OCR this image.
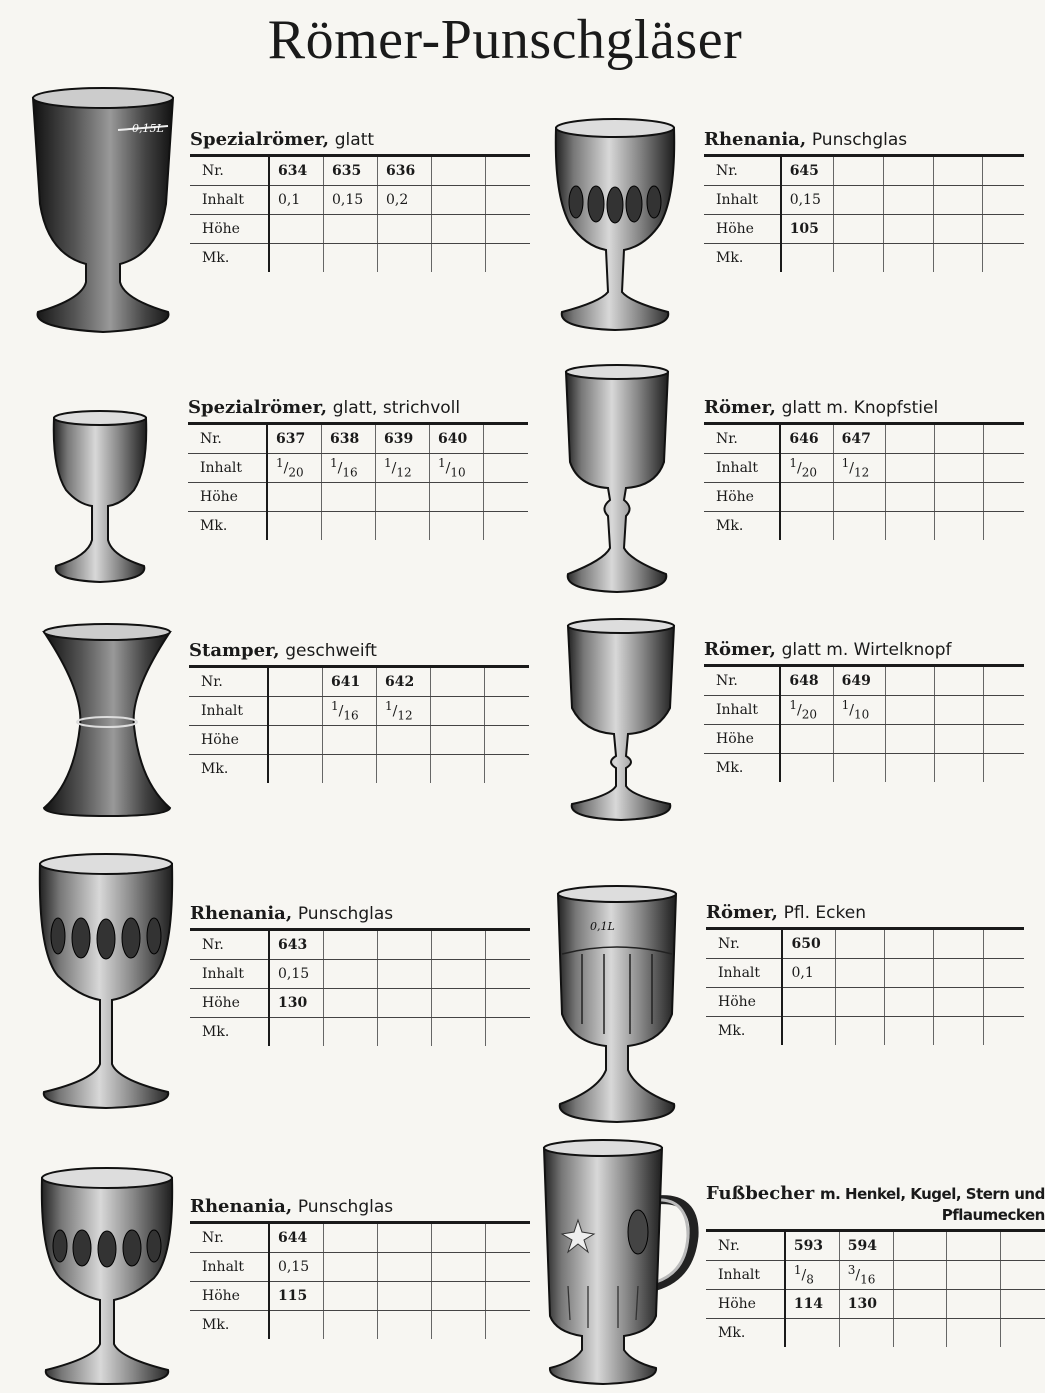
Römer-Punschgläser
0,15L
0,1L
Spezialrömer, glatt
Nr.	634	635	636		
Inhalt	0,1	0,15	0,2		
Höhe					
Mk.					
Rhenania, Punschglas
Nr.	645				
Inhalt	0,15				
Höhe	105				
Mk.					
Spezialrömer, glatt, strichvoll
Nr.	637	638	639	640	
Inhalt	$^1/_{20}$	$^1/_{16}$	$^1/_{12}$	$^1/_{10}$	
Höhe					
Mk.					
Römer, glatt m. Knopfstiel
Nr.	646	647			
Inhalt	$^1/_{20}$	$^1/_{12}$			
Höhe					
Mk.					
Stamper, geschweift
Nr.		641	642		
Inhalt		$^1/_{16}$	$^1/_{12}$		
Höhe					
Mk.					
Römer, glatt m. Wirtelknopf
Nr.	648	649			
Inhalt	$^1/_{20}$	$^1/_{10}$			
Höhe					
Mk.					
Rhenania, Punschglas
Nr.	643				
Inhalt	0,15				
Höhe	130				
Mk.					
Römer, Pfl. Ecken
Nr.	650				
Inhalt	0,1				
Höhe					
Mk.					
Rhenania, Punschglas
Nr.	644				
Inhalt	0,15				
Höhe	115				
Mk.					
Fußbecher m. Henkel, Kugel, Stern und
Pflaumecken
Nr.	593	594			
Inhalt	$^1/_8$	$^3/_{16}$			
Höhe	114	130			
Mk.					
